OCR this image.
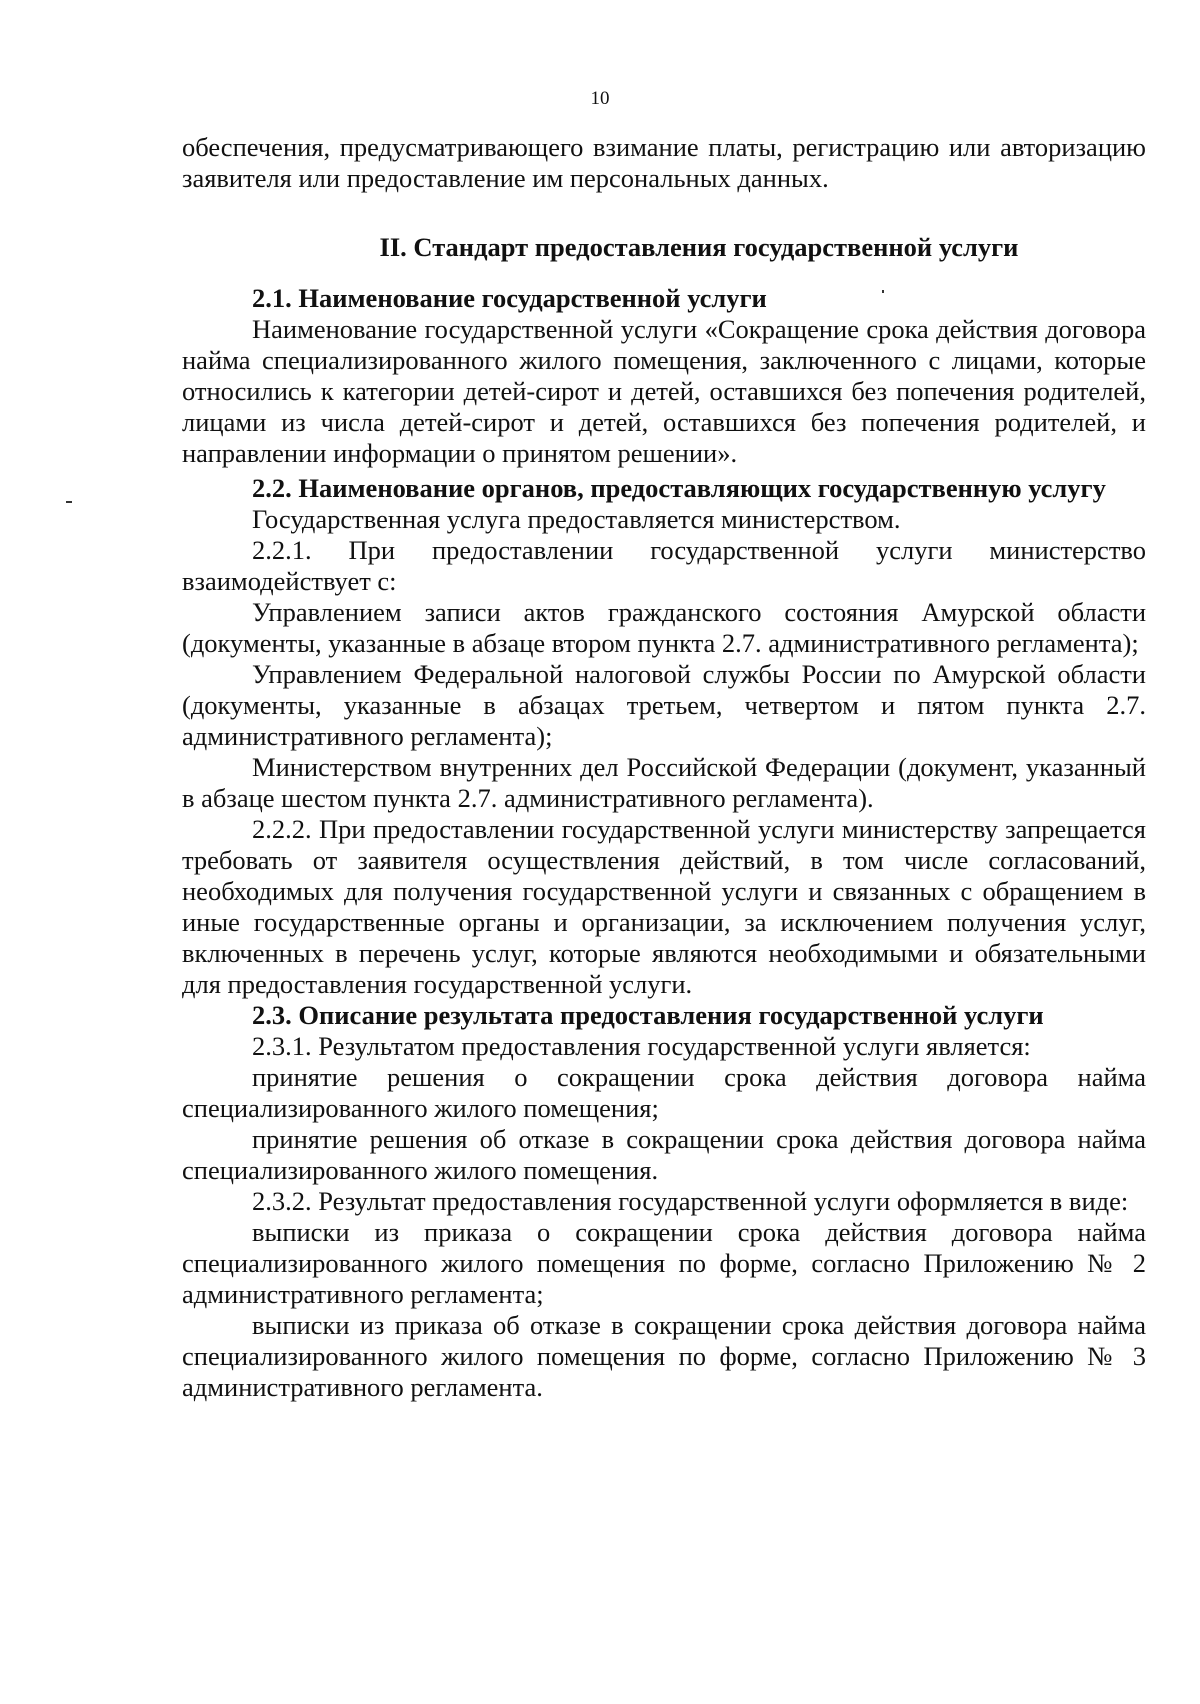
10

обеспечения, предусматривающего взимание платы, регистрацию или авторизацию заявителя или предоставление им персональных данных.

II. Стандарт предоставления государственной услуги

2.1. Наименование государственной услуги

Наименование государственной услуги «Сокращение срока действия договора найма специализированного жилого помещения, заключенного с лицами, которые относились к категории детей-сирот и детей, оставшихся без попечения родителей, лицами из числа детей-сирот и детей, оставшихся без попечения родителей, и направлении информации о принятом решении».

2.2. Наименование органов, предоставляющих государственную услугу

Государственная услуга предоставляется министерством.

2.2.1. При предоставлении государственной услуги министерство взаимодействует с:

Управлением записи актов гражданского состояния Амурской области (документы, указанные в абзаце втором пункта 2.7. административного регламента);

Управлением Федеральной налоговой службы России по Амурской области (документы, указанные в абзацах третьем, четвертом и пятом пункта 2.7. административного регламента);

Министерством внутренних дел Российской Федерации (документ, указанный в абзаце шестом пункта 2.7. административного регламента).

2.2.2. При предоставлении государственной услуги министерству запрещается требовать от заявителя осуществления действий, в том числе согласований, необходимых для получения государственной услуги и связанных с обращением в иные государственные органы и организации, за исключением получения услуг, включенных в перечень услуг, которые являются необходимыми и обязательными для предоставления государственной услуги.

2.3. Описание результата предоставления государственной услуги

2.3.1. Результатом предоставления государственной услуги является:

принятие решения о сокращении срока действия договора найма специализированного жилого помещения;

принятие решения об отказе в сокращении срока действия договора найма специализированного жилого помещения.

2.3.2. Результат предоставления государственной услуги оформляется в виде:

выписки из приказа о сокращении срока действия договора найма специализированного жилого помещения по форме, согласно Приложению № 2 административного регламента;

выписки из приказа об отказе в сокращении срока действия договора найма специализированного жилого помещения по форме, согласно Приложению № 3 административного регламента.
